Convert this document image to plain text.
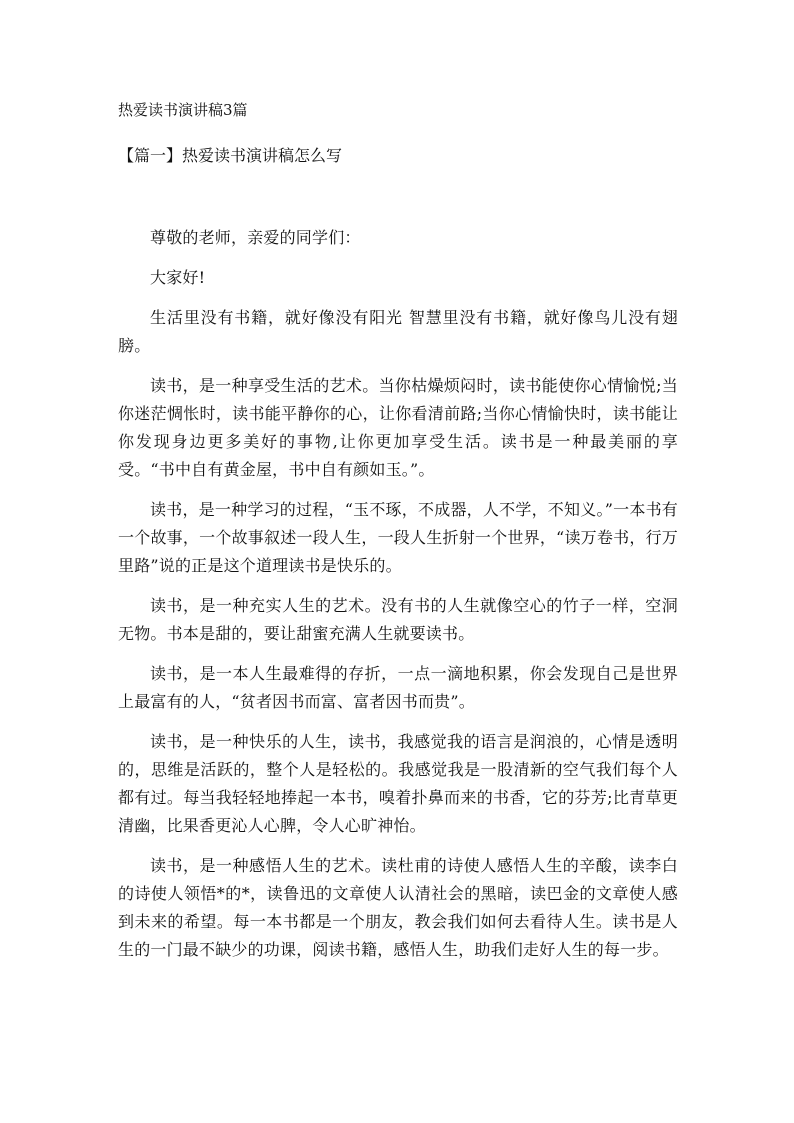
热爱读书演讲稿3篇
【篇一】热爱读书演讲稿怎么写

尊敬的老师，亲爱的同学们：

大家好!

生活里没有书籍，就好像没有阳光 智慧里没有书籍，就好像鸟儿没有翅膀。

读书，是一种享受生活的艺术。当你枯燥烦闷时，读书能使你心情愉悦;当你迷茫惆怅时，读书能平静你的心，让你看清前路;当你心情愉快时，读书能让你发现身边更多美好的事物,让你更加享受生活。读书是一种最美丽的享受。“书中自有黄金屋，书中自有颜如玉。”。

读书，是一种学习的过程，“玉不琢，不成器，人不学，不知义。”一本书有一个故事，一个故事叙述一段人生，一段人生折射一个世界，“读万卷书，行万里路”说的正是这个道理读书是快乐的。

读书，是一种充实人生的艺术。没有书的人生就像空心的竹子一样，空洞无物。书本是甜的，要让甜蜜充满人生就要读书。

读书，是一本人生最难得的存折，一点一滴地积累，你会发现自己是世界上最富有的人，“贫者因书而富、富者因书而贵”。

读书，是一种快乐的人生，读书，我感觉我的语言是润浪的，心情是透明的，思维是活跃的，整个人是轻松的。我感觉我是一股清新的空气我们每个人都有过。每当我轻轻地捧起一本书，嗅着扑鼻而来的书香，它的芬芳;比青草更清幽，比果香更沁人心脾，令人心旷神怡。

读书，是一种感悟人生的艺术。读杜甫的诗使人感悟人生的辛酸，读李白的诗使人领悟*的*，读鲁迅的文章使人认清社会的黑暗，读巴金的文章使人感到未来的希望。每一本书都是一个朋友，教会我们如何去看待人生。读书是人生的一门最不缺少的功课，阅读书籍，感悟人生，助我们走好人生的每一步。
